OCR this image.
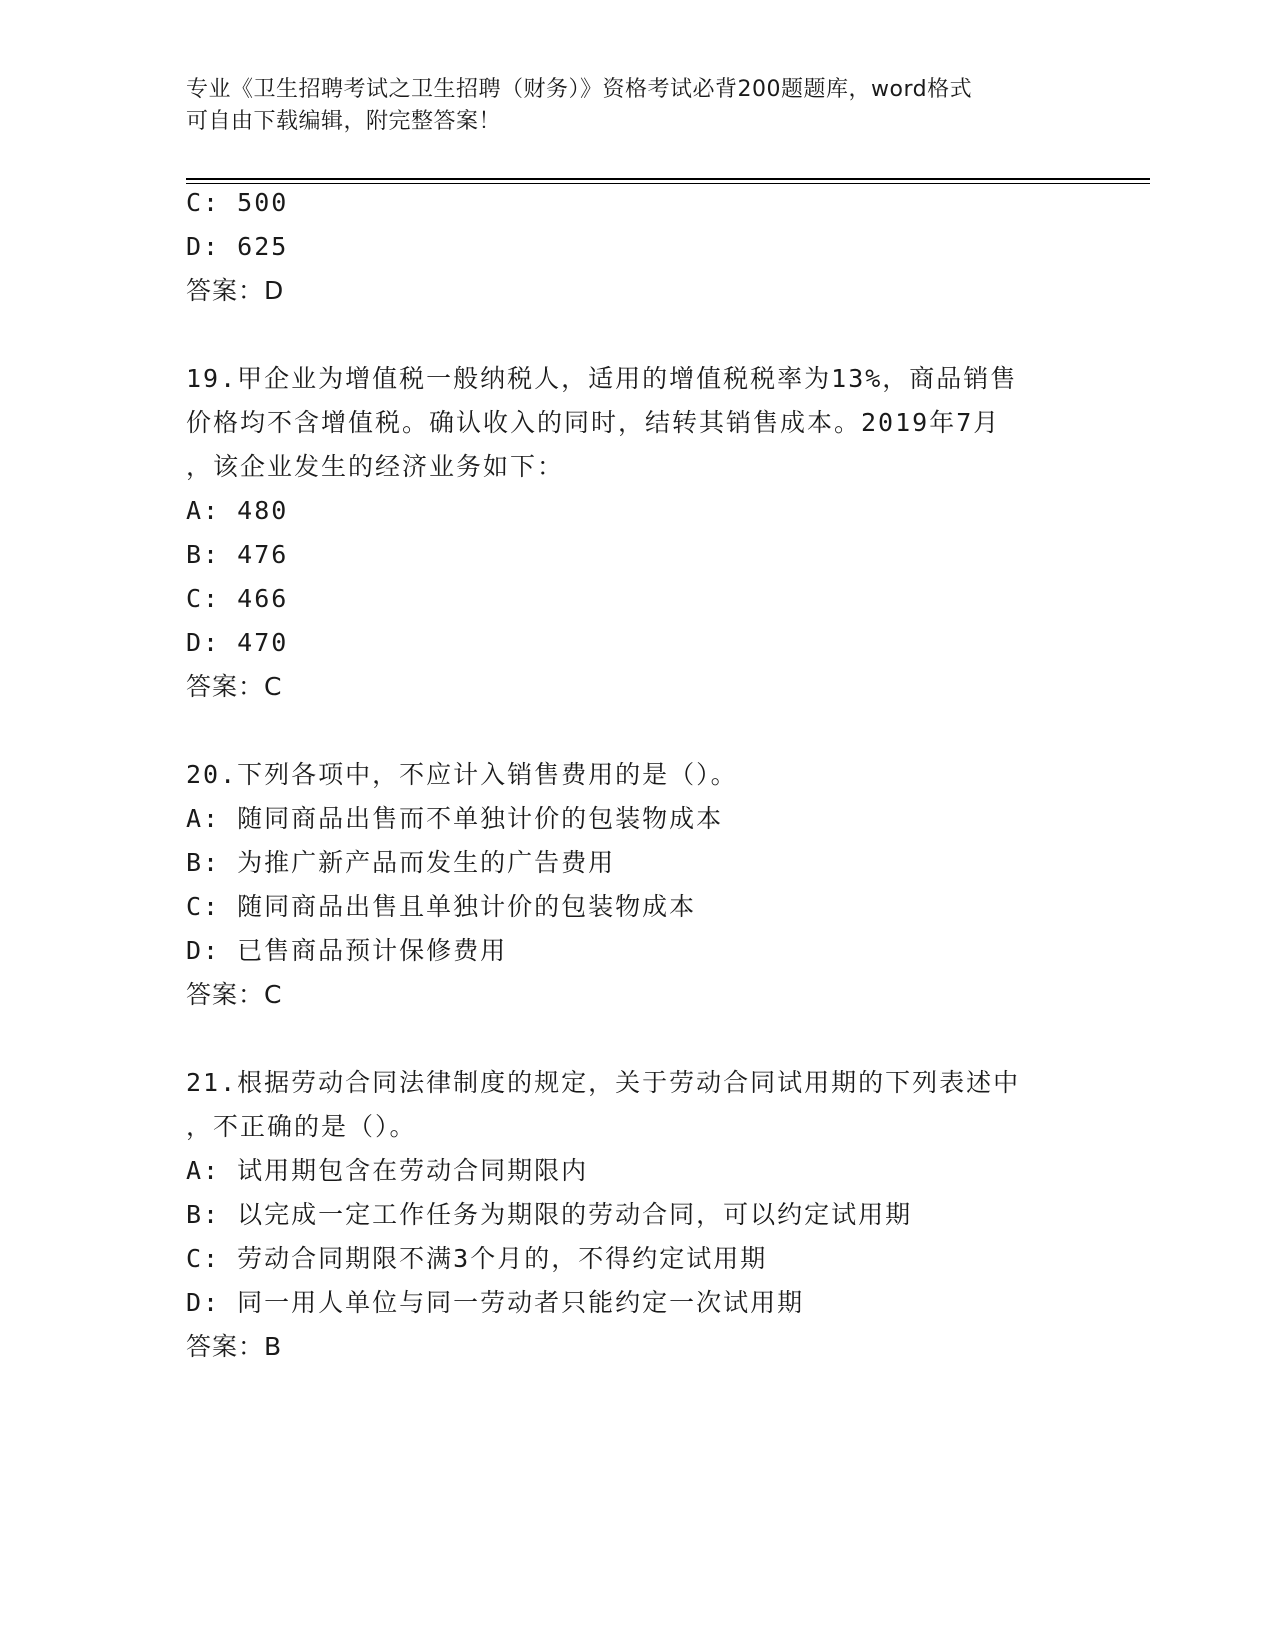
专业《卫生招聘考试之卫生招聘（财务）》资格考试必背200题题库，word格式
可自由下载编辑，附完整答案！
C: 500
D: 625
答案：D
19.甲企业为增值税一般纳税人，适用的增值税税率为13%，商品销售
价格均不含增值税。确认收入的同时，结转其销售成本。2019年7月
，该企业发生的经济业务如下：
A: 480
B: 476
C: 466
D: 470
答案：C
20.下列各项中，不应计入销售费用的是（）。
A: 随同商品出售而不单独计价的包装物成本
B: 为推广新产品而发生的广告费用
C: 随同商品出售且单独计价的包装物成本
D: 已售商品预计保修费用
答案：C
21.根据劳动合同法律制度的规定，关于劳动合同试用期的下列表述中
，不正确的是（）。
A: 试用期包含在劳动合同期限内
B: 以完成一定工作任务为期限的劳动合同，可以约定试用期
C: 劳动合同期限不满3个月的，不得约定试用期
D: 同一用人单位与同一劳动者只能约定一次试用期
答案：B
